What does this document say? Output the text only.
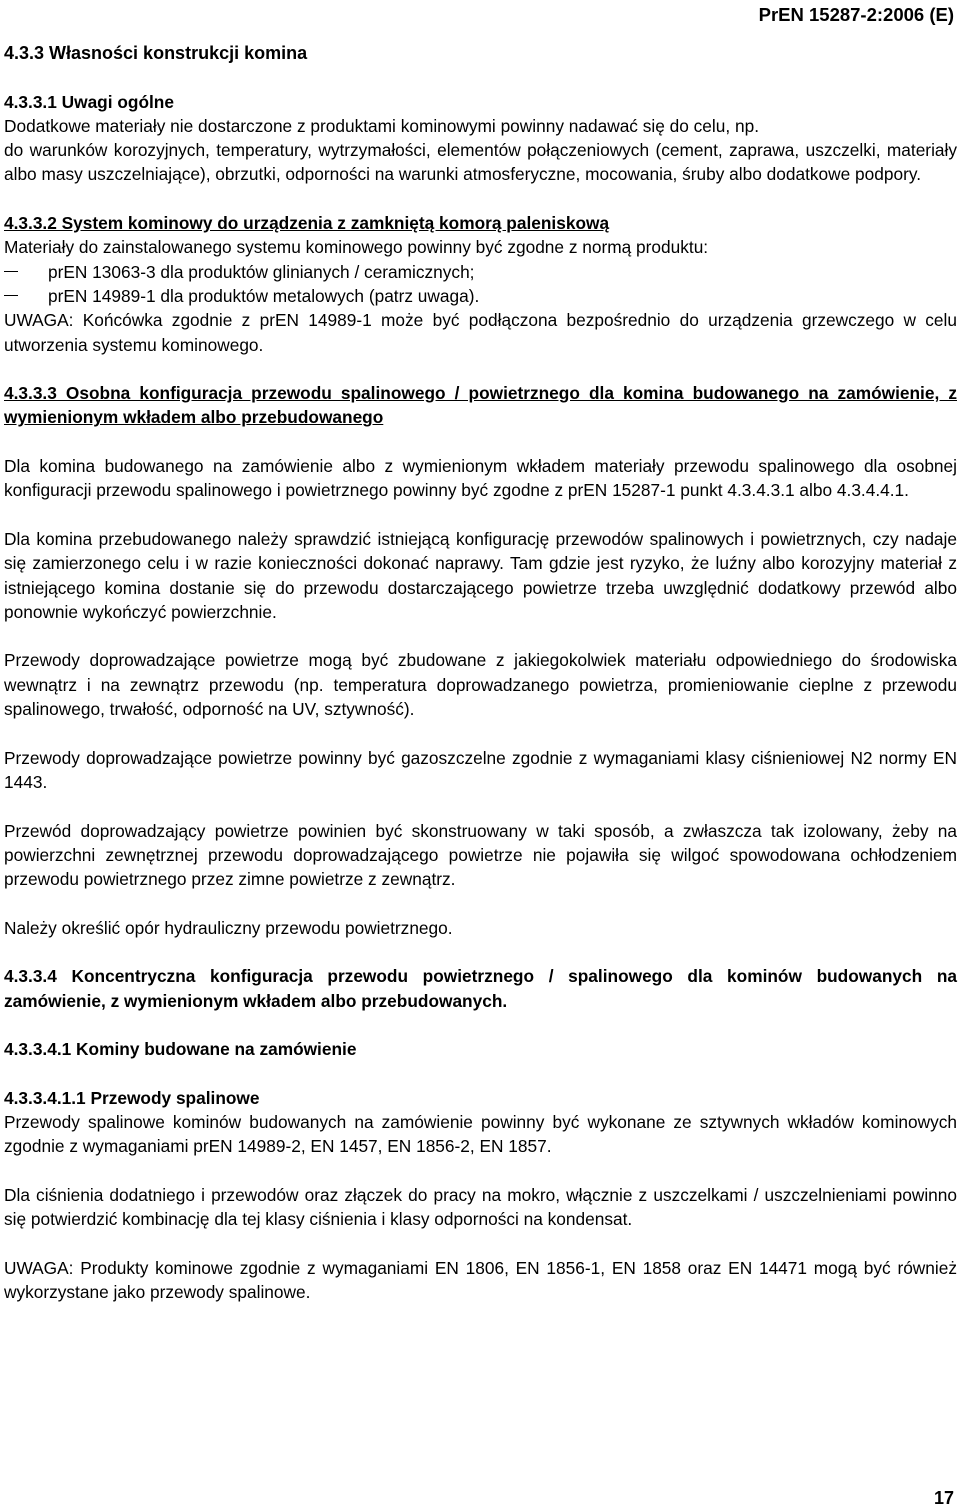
PrEN 15287-2:2006 (E)

4.3.3 Własności konstrukcji komina

4.3.3.1 Uwagi ogólne

Dodatkowe materiały nie dostarczone z produktami kominowymi powinny nadawać się do celu, np.

do warunków korozyjnych, temperatury, wytrzymałości, elementów połączeniowych (cement, zaprawa, uszczelki, materiały albo masy uszczelniające), obrzutki, odporności na warunki atmosferyczne, mocowania, śruby albo dodatkowe podpory.

4.3.3.2 System kominowy do urządzenia z zamkniętą komorą paleniskową

Materiały do zainstalowanego systemu kominowego powinny być zgodne z normą produktu:

prEN 13063-3 dla produktów glinianych / ceramicznych;
prEN 14989-1 dla produktów metalowych (patrz uwaga).

UWAGA: Końcówka zgodnie z prEN 14989-1 może być podłączona bezpośrednio do urządzenia grzewczego w celu utworzenia systemu kominowego.

4.3.3.3 Osobna konfiguracja przewodu spalinowego / powietrznego dla komina budowanego na zamówienie, z wymienionym wkładem albo przebudowanego

Dla komina budowanego na zamówienie albo z wymienionym wkładem materiały przewodu spalinowego dla osobnej konfiguracji przewodu spalinowego i powietrznego powinny być zgodne z prEN 15287-1 punkt 4.3.4.3.1 albo 4.3.4.4.1.

Dla komina przebudowanego należy sprawdzić istniejącą konfigurację przewodów spalinowych i powietrznych, czy nadaje się zamierzonego celu i w razie konieczności dokonać naprawy. Tam gdzie jest ryzyko, że luźny albo korozyjny materiał z istniejącego komina dostanie się do przewodu dostarczającego powietrze trzeba uwzględnić dodatkowy przewód albo ponownie wykończyć powierzchnie.

Przewody doprowadzające powietrze mogą być zbudowane z jakiegokolwiek materiału odpowiedniego do środowiska wewnątrz i na zewnątrz przewodu (np. temperatura doprowadzanego powietrza, promieniowanie cieplne z przewodu spalinowego, trwałość, odporność na UV, sztywność).

Przewody doprowadzające powietrze powinny być gazoszczelne zgodnie z wymaganiami klasy ciśnieniowej N2 normy EN 1443.

Przewód doprowadzający powietrze powinien być skonstruowany w taki sposób, a zwłaszcza tak izolowany, żeby na powierzchni zewnętrznej przewodu doprowadzającego powietrze nie pojawiła się wilgoć spowodowana ochłodzeniem przewodu powietrznego przez zimne powietrze z zewnątrz.

Należy określić opór hydrauliczny przewodu powietrznego.

4.3.3.4 Koncentryczna konfiguracja przewodu powietrznego / spalinowego dla kominów budowanych na zamówienie, z wymienionym wkładem albo przebudowanych.

4.3.3.4.1 Kominy budowane na zamówienie

4.3.3.4.1.1 Przewody spalinowe

Przewody spalinowe kominów budowanych na zamówienie powinny być wykonane ze sztywnych wkładów kominowych zgodnie z wymaganiami prEN 14989-2, EN 1457, EN 1856-2, EN 1857.

Dla ciśnienia dodatniego i przewodów oraz złączek do pracy na mokro, włącznie z uszczelkami / uszczelnieniami powinno się potwierdzić kombinację dla tej klasy ciśnienia i klasy odporności na kondensat.

UWAGA: Produkty kominowe zgodnie z wymaganiami EN 1806, EN 1856-1, EN 1858 oraz EN 14471 mogą być również wykorzystane jako przewody spalinowe.

17
